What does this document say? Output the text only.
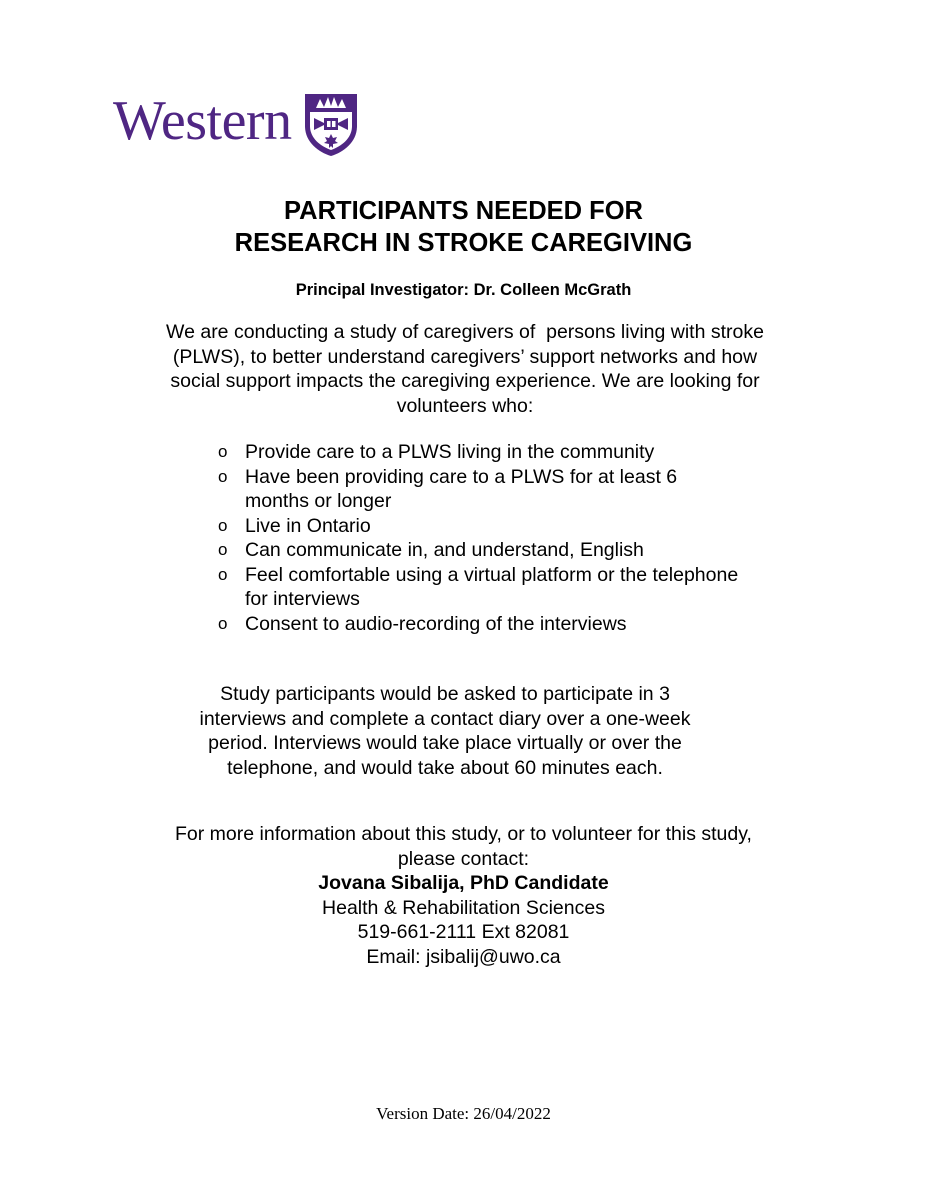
Western
PARTICIPANTS NEEDED FOR
RESEARCH IN STROKE CAREGIVING
Principal Investigator: Dr. Colleen McGrath
We are conducting a study of caregivers of  persons living with stroke
(PLWS), to better understand caregivers’ support networks and how
social support impacts the caregiving experience. We are looking for
volunteers who:
o Provide care to a PLWS living in the community
o Have been providing care to a PLWS for at least 6
months or longer
o Live in Ontario
o Can communicate in, and understand, English
o Feel comfortable using a virtual platform or the telephone
for interviews
o Consent to audio-recording of the interviews
Study participants would be asked to participate in 3
interviews and complete a contact diary over a one-week
period. Interviews would take place virtually or over the
telephone, and would take about 60 minutes each.
For more information about this study, or to volunteer for this study,
please contact:
Jovana Sibalija, PhD Candidate
Health & Rehabilitation Sciences
519-661-2111 Ext 82081
Email: jsibalij@uwo.ca
Version Date: 26/04/2022
